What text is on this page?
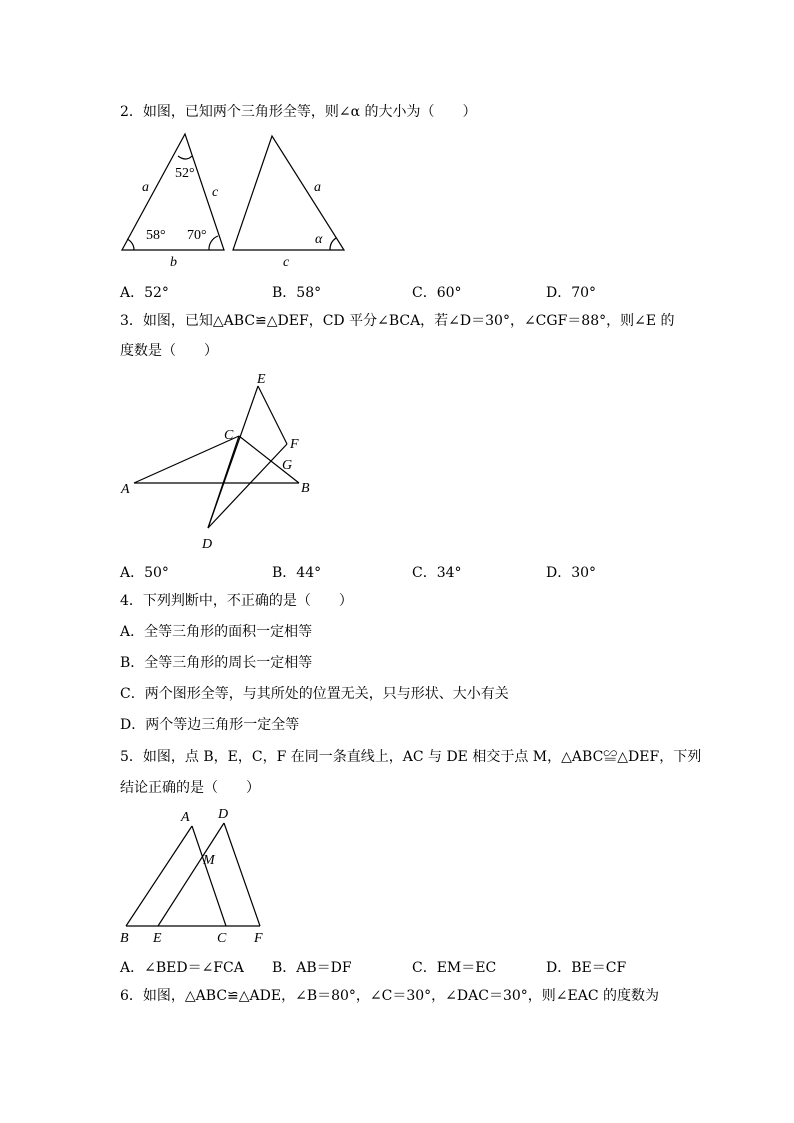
2．如图，已知两个三角形全等，则∠α 的大小为（　　）
52°
58° 70°
a	c
b
a
c
α
A．52°	B．58°	C．60°	D．70°
3．如图，已知△ABC≌△DEF，CD 平分∠BCA，若∠D＝30°，∠CGF＝88°，则∠E 的
度数是（　　）
E
C
F
G
A	B
D
A．50°	B．44°	C．34°	D．30°
4．下列判断中，不正确的是（　　）
A．全等三角形的面积一定相等
B．全等三角形的周长一定相等
C．两个图形全等，与其所处的位置无关，只与形状、大小有关
D．两个等边三角形一定全等
5．如图，点 B，E，C，F 在同一条直线上，AC 与 DE 相交于点 M，△ABC≌△DEF，下列
结论正确的是（　　）
A D
M
B E	C F
A．∠BED＝∠FCA B．AB＝DF	C．EM＝EC	D．BE＝CF
6．如图，△ABC≌△ADE，∠B＝80°，∠C＝30°，∠DAC＝30°，则∠EAC 的度数为
